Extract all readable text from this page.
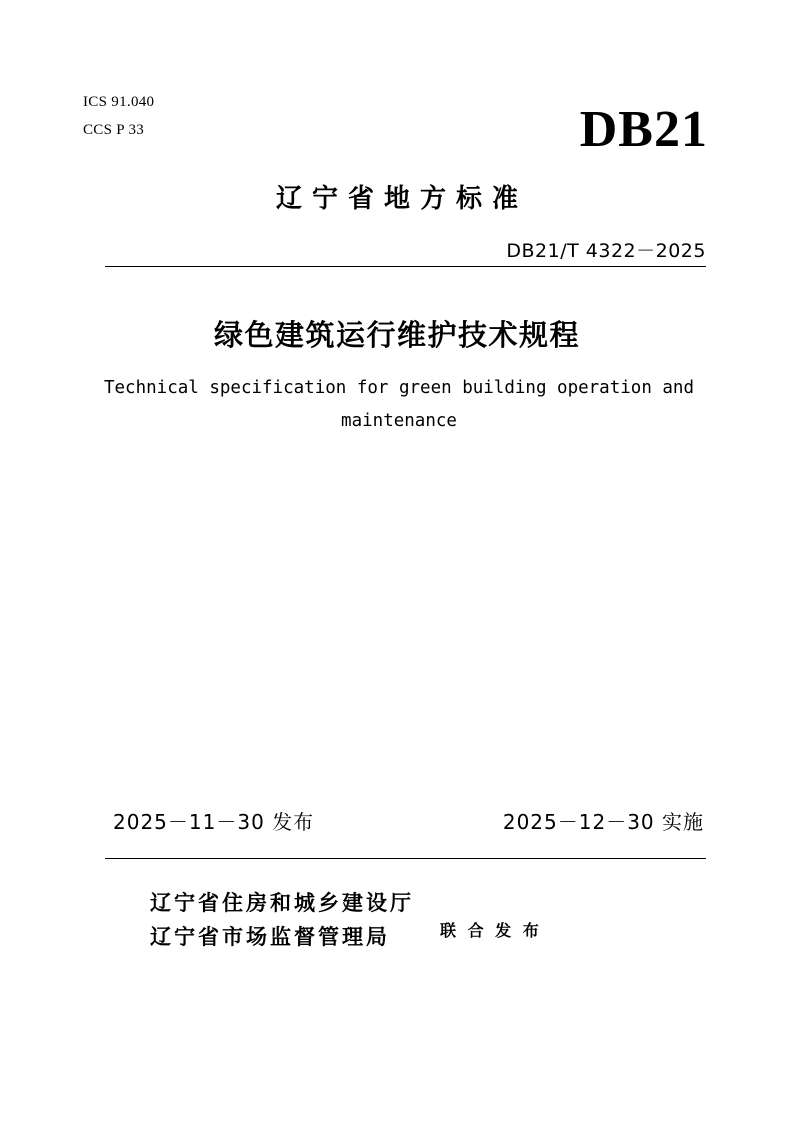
ICS 91.040
CCS P 33	DB21
辽宁省地方标准
DB21/T 4322－2025
绿色建筑运行维护技术规程
Technical specification for green building operation and maintenance
2025－11－30 发布	2025－12－30 实施
辽宁省住房和城乡建设厅
辽宁省市场监督管理局	联 合 发 布
